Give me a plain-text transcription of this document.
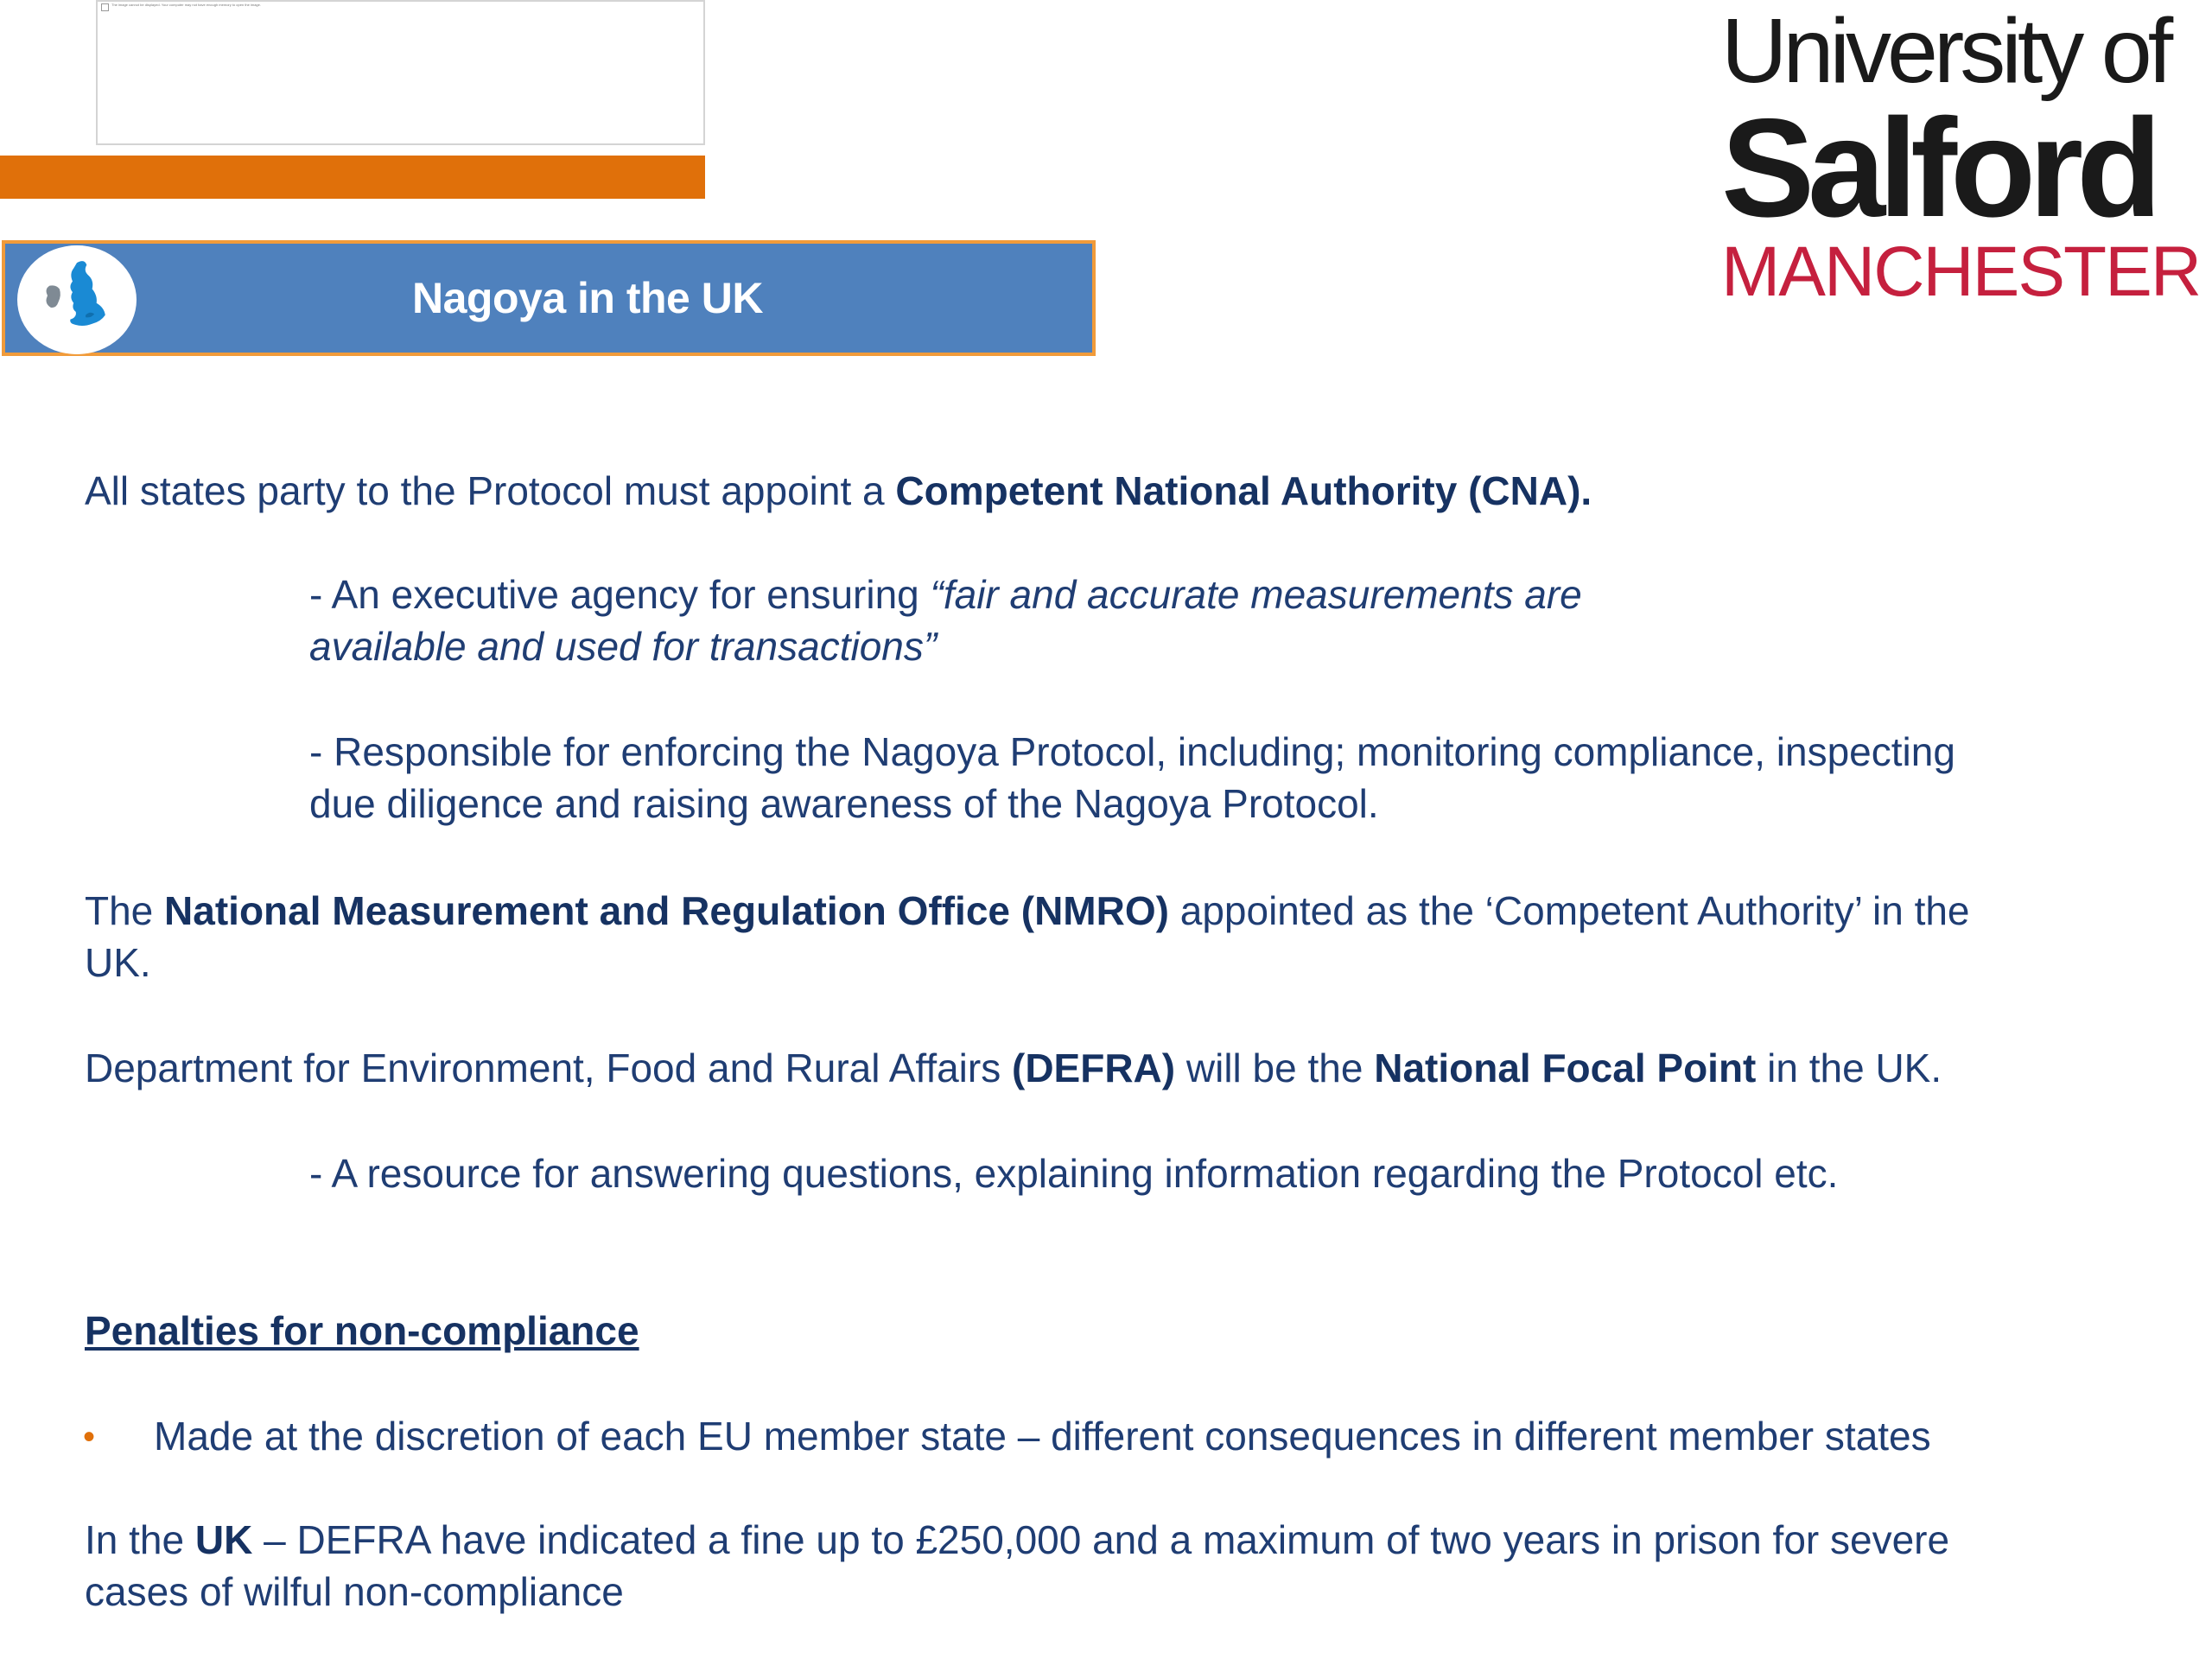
The image cannot be displayed. Your computer may not have enough memory to open the image.
Nagoya in the UK
University of
Salford
MANCHESTER

All states party to the Protocol must appoint a Competent National Authority (CNA).

- An executive agency for ensuring “fair and accurate measurements are
available and used for transactions”

- Responsible for enforcing the Nagoya Protocol, including; monitoring compliance, inspecting
due diligence and raising awareness of the Nagoya Protocol.

The National Measurement and Regulation Office (NMRO) appointed as the ‘Competent Authority’ in the
UK.

Department for Environment, Food and Rural Affairs (DEFRA) will be the National Focal Point in the UK.

- A resource for answering questions, explaining information regarding the Protocol etc.

Penalties for non-compliance

• Made at the discretion of each EU member state – different consequences in different member states

In the UK – DEFRA have indicated a fine up to £250,000 and a maximum of two years in prison for severe
cases of wilful non-compliance
